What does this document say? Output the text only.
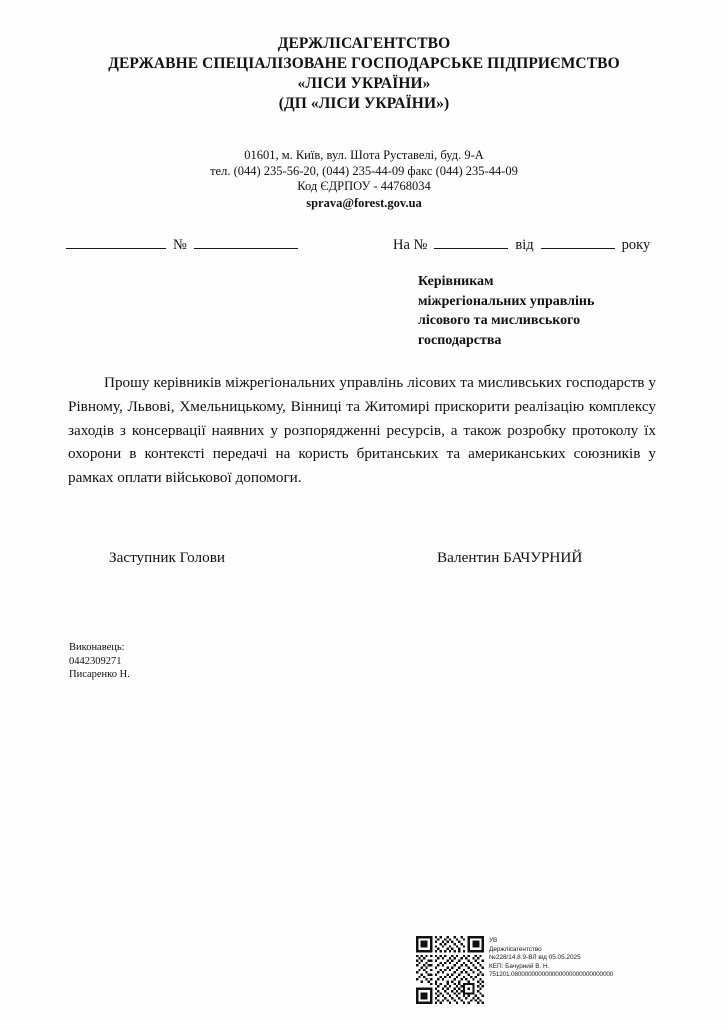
ДЕРЖЛІСАГЕНТСТВО
ДЕРЖАВНЕ СПЕЦІАЛІЗОВАНЕ ГОСПОДАРСЬКЕ ПІДПРИЄМСТВО
«ЛІСИ УКРАЇНИ»
(ДП «ЛІСИ УКРАЇНИ»)
01601, м. Київ, вул. Шота Руставелі, буд. 9-А
тел. (044) 235-56-20, (044) 235-44-09 факс (044) 235-44-09
Код ЄДРПОУ - 44768034
sprava@forest.gov.ua
№	На №	від	року
Керівникам
міжрегіональних управлінь
лісового та мисливського
господарства
Прошу керівників міжрегіональних управлінь лісових та мисливських господарств у Рівному, Львові, Хмельницькому, Вінниці та Житомирі прискорити реалізацію комплексу заходів з консервації наявних у розпорядженні ресурсів, а також розробку протоколу їх охорони в контексті передачі на користь британських та американських союзників у рамках оплати військової допомоги.
Заступник Голови	Валентин БАЧУРНИЙ
Виконавець:
0442309271
Писаренко Н.
УВ
Держлісагентство
№228/14.8.9-ВЛ від 05.05.2025
КЕП: Бачурний В. Н.
751201.080000000000000000000000000000
